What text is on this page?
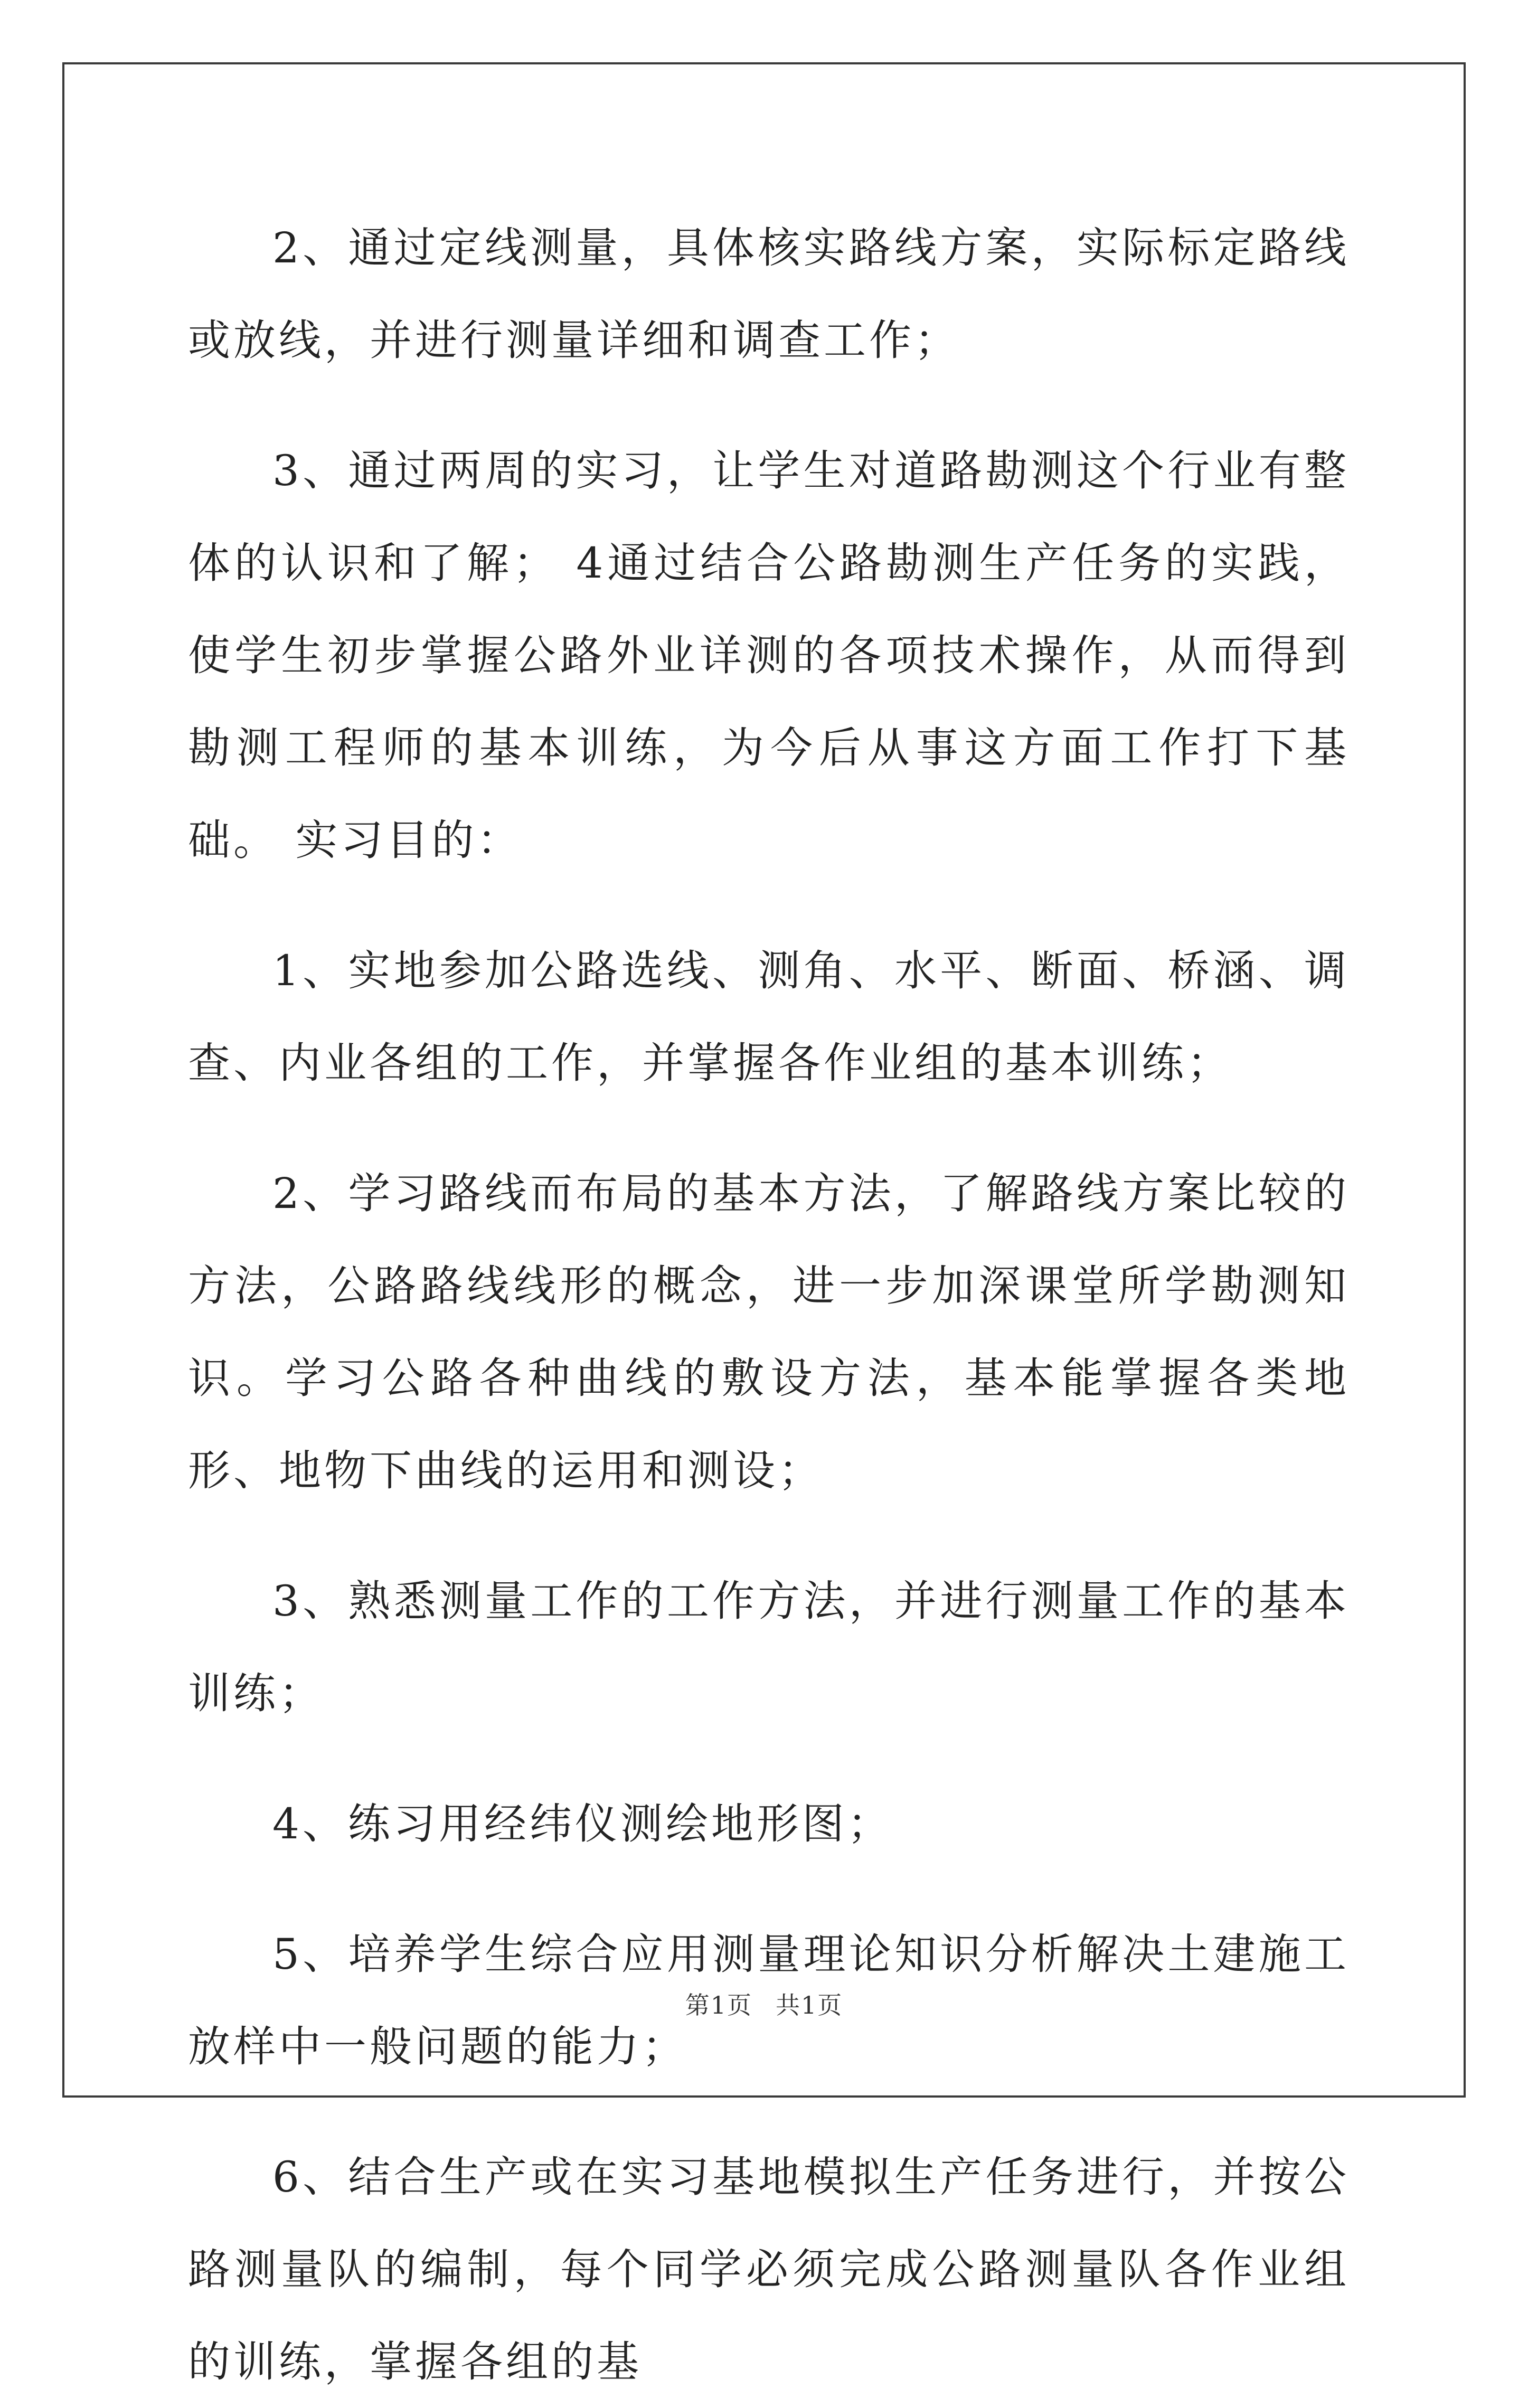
2、通过定线测量，具体核实路线方案，实际标定路线或放线，并进行测量详细和调查工作；

3、通过两周的实习，让学生对道路勘测这个行业有整体的认识和了解； 4通过结合公路勘测生产任务的实践，使学生初步掌握公路外业详测的各项技术操作，从而得到勘测工程师的基本训练，为今后从事这方面工作打下基础。 实习目的：

1、实地参加公路选线、测角、水平、断面、桥涵、调查、内业各组的工作，并掌握各作业组的基本训练；

2、学习路线而布局的基本方法，了解路线方案比较的方法，公路路线线形的概念，进一步加深课堂所学勘测知识。学习公路各种曲线的敷设方法，基本能掌握各类地形、地物下曲线的运用和测设；

3、熟悉测量工作的工作方法，并进行测量工作的基本训练；

4、练习用经纬仪测绘地形图；

5、培养学生综合应用测量理论知识分析解决土建施工放样中一般问题的能力；

6、结合生产或在实习基地模拟生产任务进行，并按公路测量队的编制，每个同学必须完成公路测量队各作业组的训练，掌握各组的基

第1页 共1页
